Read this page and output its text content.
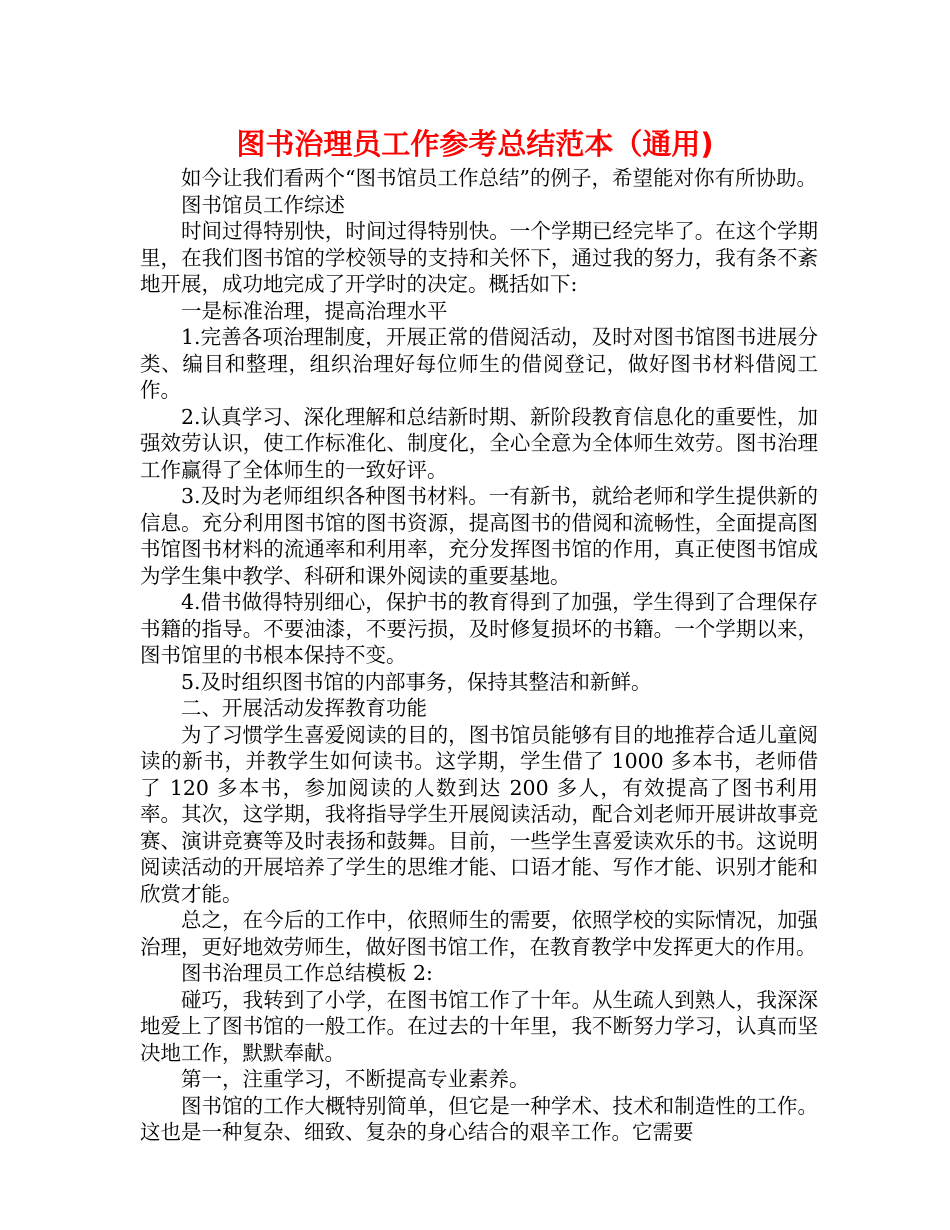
图书治理员工作参考总结范本（通用)

如今让我们看两个“图书馆员工作总结”的例子，希望能对你有所协助。

图书馆员工作综述

时间过得特别快，时间过得特别快。一个学期已经完毕了。在这个学期里，在我们图书馆的学校领导的支持和关怀下，通过我的努力，我有条不紊地开展，成功地完成了开学时的决定。概括如下:

一是标准治理，提高治理水平

1.完善各项治理制度，开展正常的借阅活动，及时对图书馆图书进展分类、编目和整理，组织治理好每位师生的借阅登记，做好图书材料借阅工作。

2.认真学习、深化理解和总结新时期、新阶段教育信息化的重要性，加强效劳认识，使工作标准化、制度化，全心全意为全体师生效劳。图书治理工作赢得了全体师生的一致好评。

3.及时为老师组织各种图书材料。一有新书，就给老师和学生提供新的信息。充分利用图书馆的图书资源，提高图书的借阅和流畅性，全面提高图书馆图书材料的流通率和利用率，充分发挥图书馆的作用，真正使图书馆成为学生集中教学、科研和课外阅读的重要基地。

4.借书做得特别细心，保护书的教育得到了加强，学生得到了合理保存书籍的指导。不要油漆，不要污损，及时修复损坏的书籍。一个学期以来，图书馆里的书根本保持不变。

5.及时组织图书馆的内部事务，保持其整洁和新鲜。

二、开展活动发挥教育功能

为了习惯学生喜爱阅读的目的，图书馆员能够有目的地推荐合适儿童阅读的新书，并教学生如何读书。这学期，学生借了 1000 多本书，老师借了 120 多本书，参加阅读的人数到达 200 多人，有效提高了图书利用率。其次，这学期，我将指导学生开展阅读活动，配合刘老师开展讲故事竞赛、演讲竞赛等及时表扬和鼓舞。目前，一些学生喜爱读欢乐的书。这说明阅读活动的开展培养了学生的思维才能、口语才能、写作才能、识别才能和欣赏才能。

总之，在今后的工作中，依照师生的需要，依照学校的实际情况，加强治理，更好地效劳师生，做好图书馆工作，在教育教学中发挥更大的作用。

图书治理员工作总结模板 2:

碰巧，我转到了小学，在图书馆工作了十年。从生疏人到熟人，我深深地爱上了图书馆的一般工作。在过去的十年里，我不断努力学习，认真而坚决地工作，默默奉献。

第一，注重学习，不断提高专业素养。

图书馆的工作大概特别简单，但它是一种学术、技术和制造性的工作。这也是一种复杂、细致、复杂的身心结合的艰辛工作。它需要
